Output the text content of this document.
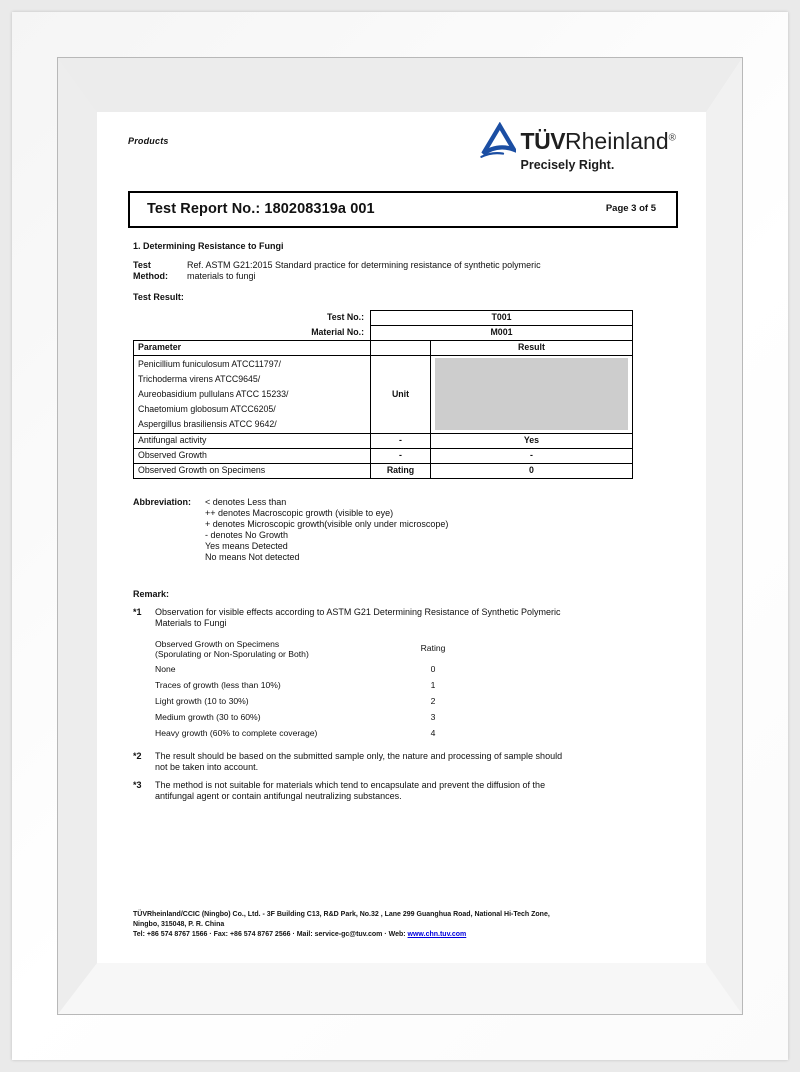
Products	TÜVRheinland®
Precisely Right.
Test Report No.: 180208319a 001	Page 3 of 5
1. Determining Resistance to Fungi
Test Method:
Ref. ASTM G21:2015 Standard practice for determining resistance of synthetic polymeric
materials to fungi
Test Result:
Test No.:	T001	
Material No.:	M001	
Parameter		Result

Penicillium funiculosum ATCC11797/
Trichoderma virens ATCC9645/
Aureobasidium pullulans ATCC 15233/
Chaetomium globosum ATCC6205/
Aspergillus brasiliensis ATCC 9642/	Unit	

Antifungal activity	-	Yes
Observed Growth	-	-
Observed Growth on Specimens	Rating	0
Abbreviation:	< denotes Less than
++ denotes Macroscopic growth (visible to eye)
+ denotes Microscopic growth(visible only under microscope)
- denotes No Growth
Yes means Detected
No means Not detected
Remark:
*1	Observation for visible effects according to ASTM G21 Determining Resistance of Synthetic Polymeric
Materials to Fungi
Observed Growth on Specimens
(Sporulating or Non-Sporulating or Both)
Rating
None	0
Traces of growth (less than 10%)	1
Light growth (10 to 30%)	2
Medium growth (30 to 60%)	3
Heavy growth (60% to complete coverage)	4
*2	The result should be based on the submitted sample only, the nature and processing of sample should
not be taken into account.
*3	The method is not suitable for materials which tend to encapsulate and prevent the diffusion of the
antifungal agent or contain antifungal neutralizing substances.
TÜVRheinland/CCIC (Ningbo) Co., Ltd. - 3F Building C13, R&D Park, No.32 , Lane 299 Guanghua Road, National Hi-Tech Zone,
Ningbo, 315048, P. R. China
Tel: +86 574 8767 1566 · Fax: +86 574 8767 2566 · Mail: service-gc@tuv.com · Web: www.chn.tuv.com
